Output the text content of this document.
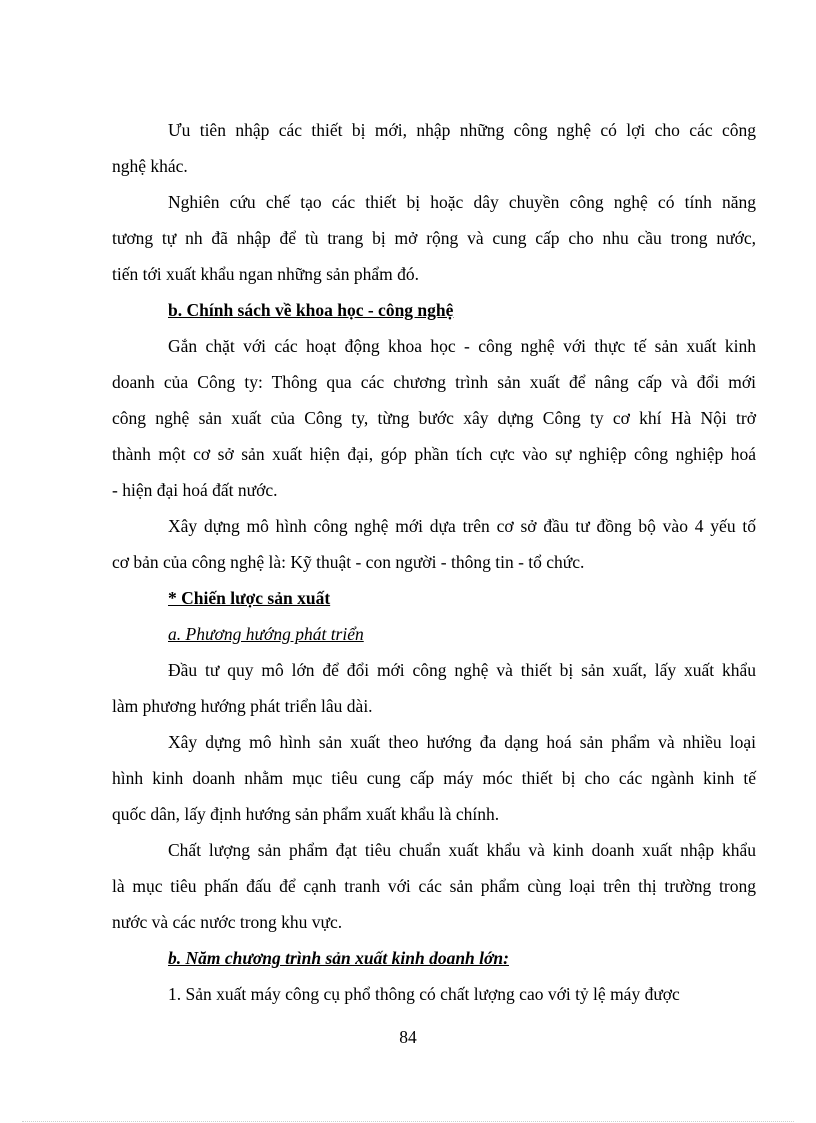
Ưu tiên nhập các thiết bị mới, nhập những công nghệ có lợi cho các công
nghệ khác.
Nghiên cứu chế tạo các thiết bị hoặc dây chuyền công nghệ có tính năng
tương tự nh đã nhập để tù trang bị mở rộng và cung cấp cho nhu cầu trong nước,
tiến tới xuất khẩu ngan những sản phẩm đó.
b. Chính sách về khoa học - công nghệ
Gắn chặt với các hoạt động khoa học - công nghệ với thực tế sản xuất kinh
doanh của Công ty: Thông qua các chương trình sản xuất để nâng cấp và đổi mới
công nghệ sản xuất của Công ty, từng bước xây dựng Công ty cơ khí Hà Nội trở
thành một cơ sở sản xuất hiện đại, góp phần tích cực vào sự nghiệp công nghiệp hoá
- hiện đại hoá đất nước.
Xây dựng mô hình công nghệ mới dựa trên cơ sở đầu tư đồng bộ vào 4 yếu tố
cơ bản của công nghệ là: Kỹ thuật - con người - thông tin - tổ chức.
* Chiến lược sản xuất
a. Phương hướng phát triển
Đầu tư quy mô lớn để đổi mới công nghệ và thiết bị sản xuất, lấy xuất khẩu
làm phương hướng phát triển lâu dài.
Xây dựng mô hình sản xuất theo hướng đa dạng hoá sản phẩm và nhiều loại
hình kinh doanh nhằm mục tiêu cung cấp máy móc thiết bị cho các ngành kinh tế
quốc dân, lấy định hướng sản phẩm xuất khẩu là chính.
Chất lượng sản phẩm đạt tiêu chuẩn xuất khẩu và kinh doanh xuất nhập khẩu
là mục tiêu phấn đấu để cạnh tranh với các sản phẩm cùng loại trên thị trường trong
nước và các nước trong khu vực.
b. Năm chương trình sản xuất kinh doanh lớn:
1. Sản xuất máy công cụ phổ thông có chất lượng cao với tỷ lệ máy được
84
